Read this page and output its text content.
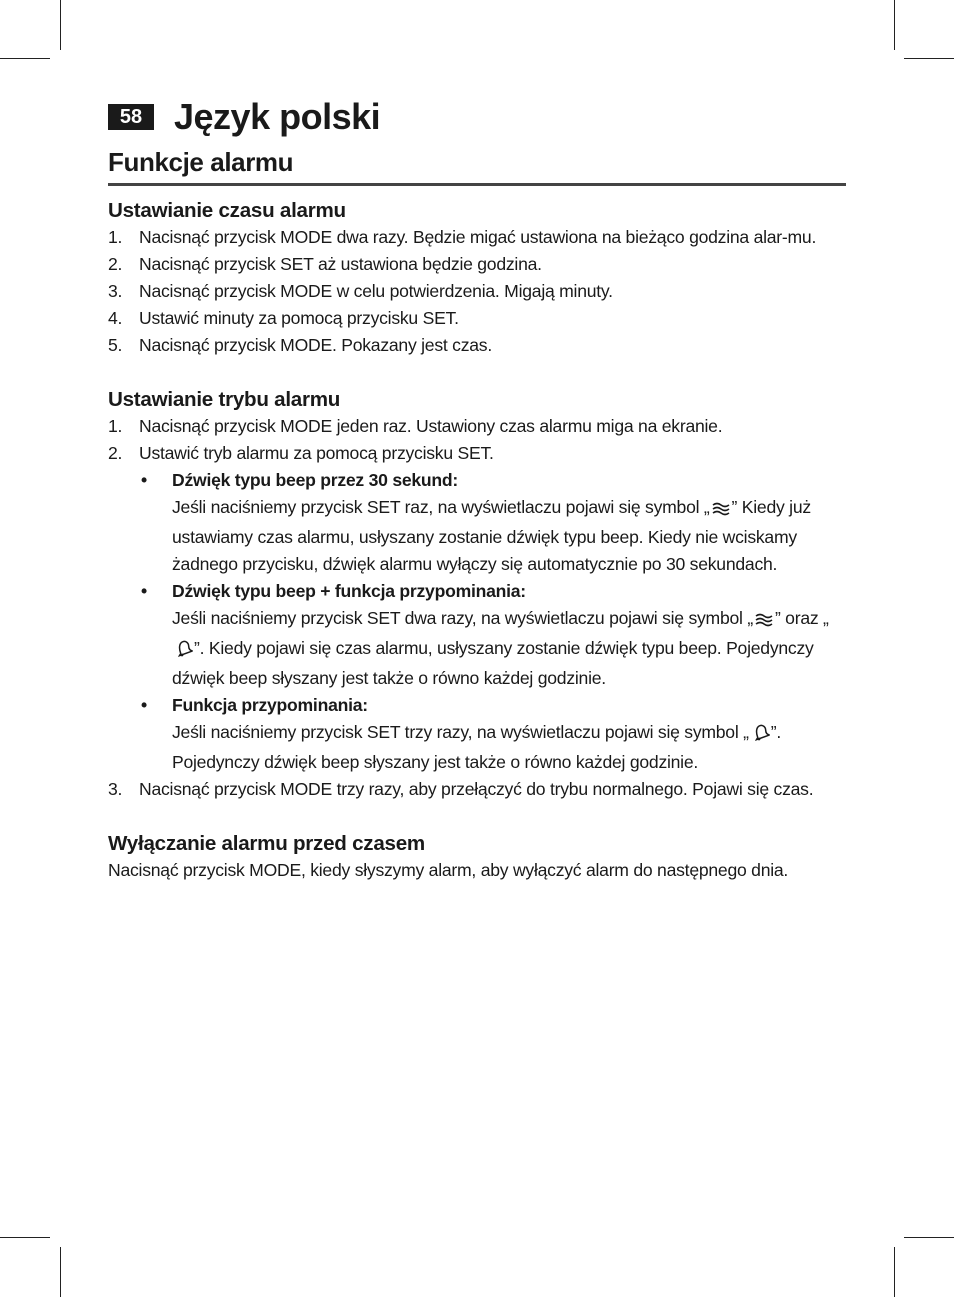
58 Język polski
Funkcje alarmu
Ustawianie czasu alarmu
1. Nacisnąć przycisk MODE dwa razy. Będzie migać ustawiona na bieżąco godzina alar-mu.
2. Nacisnąć przycisk SET aż ustawiona będzie godzina.
3. Nacisnąć przycisk MODE w celu potwierdzenia. Migają minuty.
4. Ustawić minuty za pomocą przycisku SET.
5. Nacisnąć przycisk MODE. Pokazany jest czas.
Ustawianie trybu alarmu
1. Nacisnąć przycisk MODE jeden raz. Ustawiony czas alarmu miga na ekranie.
2. Ustawić tryb alarmu za pomocą przycisku SET.
• Dźwięk typu beep przez 30 sekund:
Jeśli naciśniemy przycisk SET raz, na wyświetlaczu pojawi się symbol „ ” Kiedy już ustawiamy czas alarmu, usłyszany zostanie dźwięk typu beep. Kiedy nie wciskamy żadnego przycisku, dźwięk alarmu wyłączy się automatycznie po 30 sekundach.
• Dźwięk typu beep + funkcja przypominania:
Jeśli naciśniemy przycisk SET dwa razy, na wyświetlaczu pojawi się symbol „ ” oraz „”. Kiedy pojawi się czas alarmu, usłyszany zostanie dźwięk typu beep. Pojedynczy dźwięk beep słyszany jest także o równo każdej godzinie.
• Funkcja przypominania:
Jeśli naciśniemy przycisk SET trzy razy, na wyświetlaczu pojawi się symbol „ ”. Pojedynczy dźwięk beep słyszany jest także o równo każdej godzinie.
3. Nacisnąć przycisk MODE trzy razy, aby przełączyć do trybu normalnego. Pojawi się czas.
Wyłączanie alarmu przed czasem

Nacisnąć przycisk MODE, kiedy słyszymy alarm, aby wyłączyć alarm do następnego dnia.
